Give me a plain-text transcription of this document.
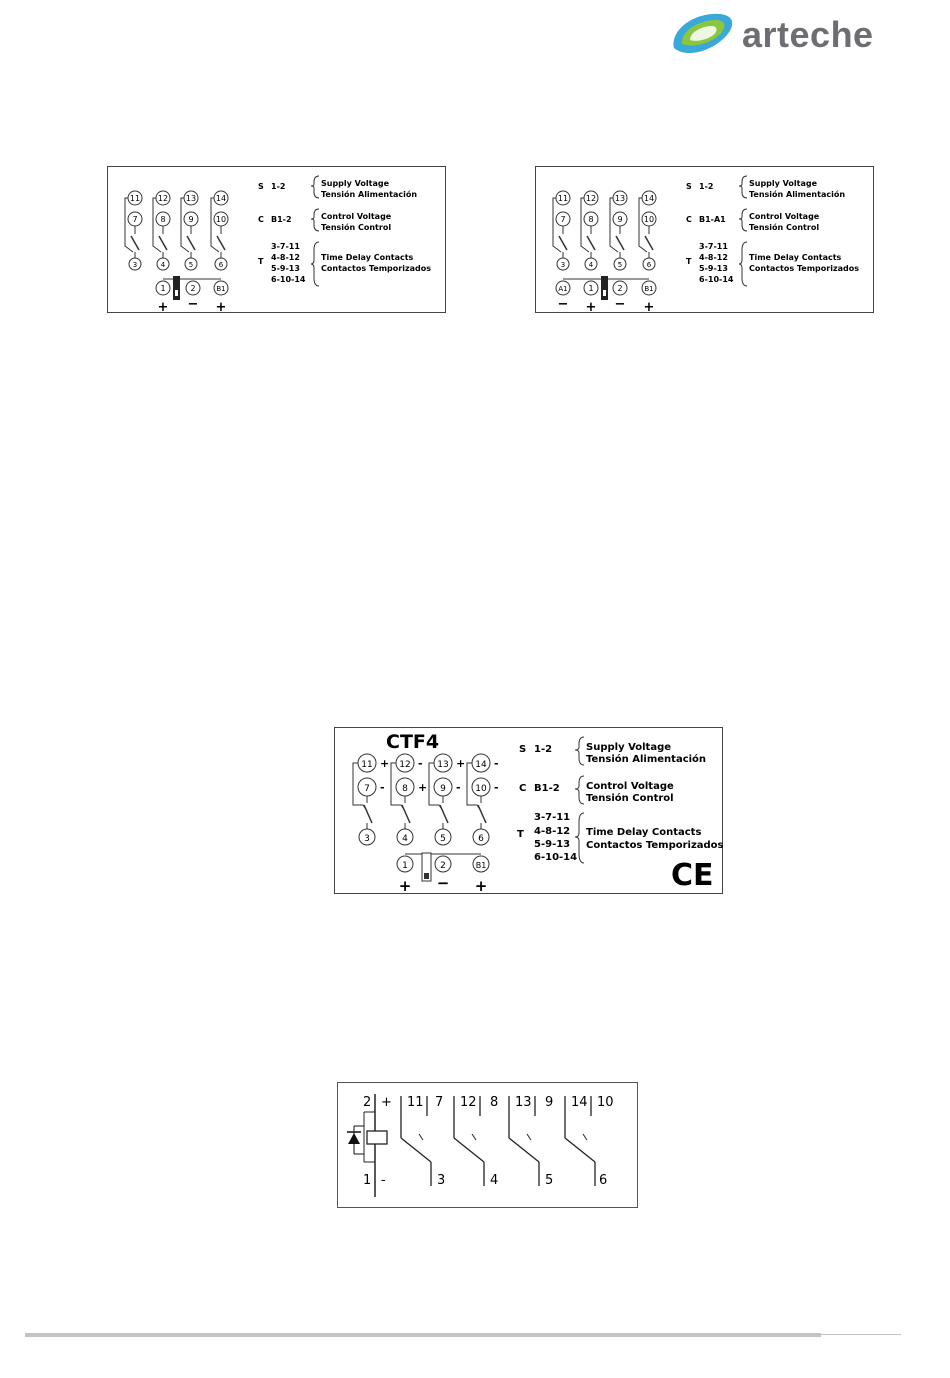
arteche
11
7
3
12
8
4
13
9
5
14
10
6
1	2	B1
+ − +
S 1-2	Supply Voltage
Tensión Alimentación
C B1-2	Control Voltage
Tensión Control
T
3-7-11
4-8-12
5-9-13
6-10-14
Time Delay Contacts
Contactos Temporizados
11
7
3
12
8
4
13
9
5
14
10
6
A1	1	2	B1
− + − +
S 1-2	Supply Voltage
Tensión Alimentación
C B1-A1	Control Voltage
Tensión Control
T
3-7-11
4-8-12
5-9-13
6-10-14
Time Delay Contacts
Contactos Temporizados
CTF4
11 +
7 -
3
12 -
8 +
4
13 +
9 -
5
14 -
10 -
6
1	2	B1
+ − +
S 1-2	Supply Voltage
Tensión Alimentación
C B1-2	Control Voltage
Tensión Control
T
3-7-11
4-8-12
5-9-13
6-10-14
Time Delay Contacts
Contactos Temporizados
CE
2 +
1 -
11 7
3
12 8
4
13 9
5
14 10
6
